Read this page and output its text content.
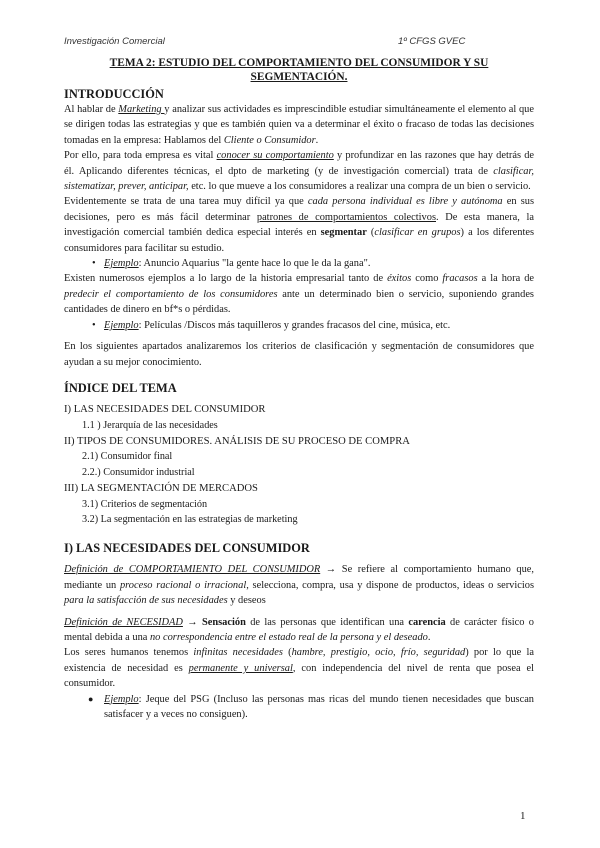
Investigación Comercial	1º CFGS GVEC
TEMA 2: ESTUDIO DEL COMPORTAMIENTO DEL CONSUMIDOR Y SU SEGMENTACIÓN.
INTRODUCCIÓN

Al hablar de Marketing y analizar sus actividades es imprescindible estudiar simultáneamente el elemento al que se dirigen todas las estrategias y que es también quien va a determinar el éxito o fracaso de todas las decisiones tomadas en la empresa: Hablamos del Cliente o Consumidor.

Por ello, para toda empresa es vital conocer su comportamiento y profundizar en las razones que hay detrás de él. Aplicando diferentes técnicas, el dpto de marketing (y de investigación comercial) trata de clasificar, sistematizar, prever, anticipar, etc. lo que mueve a los consumidores a realizar una compra de un bien o servicio.

Evidentemente se trata de una tarea muy difícil ya que cada persona individual es libre y autónoma en sus decisiones, pero es más fácil determinar patrones de comportamientos colectivos. De esta manera, la investigación comercial también dedica especial interés en segmentar (clasificar en grupos) a los diferentes consumidores para facilitar su estudio.

• Ejemplo: Anuncio Aquarius "la gente hace lo que le da la gana".

Existen numerosos ejemplos a lo largo de la historia empresarial tanto de éxitos como fracasos a la hora de predecir el comportamiento de los consumidores ante un determinado bien o servicio, suponiendo grandes cantidades de dinero en bf*s o pérdidas.

• Ejemplo: Películas /Discos más taquilleros y grandes fracasos del cine, música, etc.

En los siguientes apartados analizaremos los criterios de clasificación y segmentación de consumidores que ayudan a su mejor conocimiento.

ÍNDICE DEL TEMA
I) LAS NECESIDADES DEL CONSUMIDOR
1.1 ) Jerarquía de las necesidades
II) TIPOS DE CONSUMIDORES. ANÁLISIS DE SU PROCESO DE COMPRA
2.1) Consumidor final
2.2.) Consumidor industrial
III) LA SEGMENTACIÓN DE MERCADOS
3.1) Criterios de segmentación
3.2) La segmentación en las estrategias de marketing
I) LAS NECESIDADES DEL CONSUMIDOR

Definición de COMPORTAMIENTO DEL CONSUMIDOR → Se refiere al comportamiento humano que, mediante un proceso racional o irracional, selecciona, compra, usa y dispone de productos, ideas o servicios para la satisfacción de sus necesidades y deseos

Definición de NECESIDAD → Sensación de las personas que identifican una carencia de carácter físico o mental debida a una no correspondencia entre el estado real de la persona y el deseado.

Los seres humanos tenemos infinitas necesidades (hambre, prestigio, ocio, frío, seguridad) por lo que la existencia de necesidad es permanente y universal, con independencia del nivel de renta que posea el consumidor.

● Ejemplo: Jeque del PSG (Incluso las personas mas ricas del mundo tienen necesidades que buscan satisfacer y a veces no consiguen).

1
